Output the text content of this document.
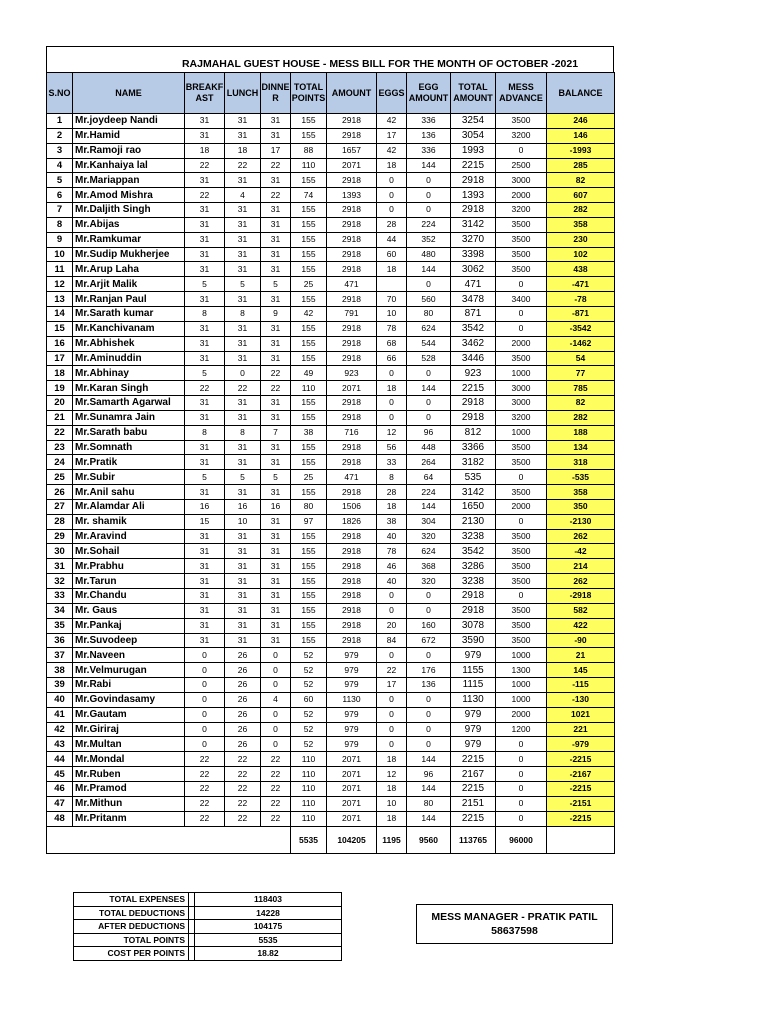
RAJMAHAL GUEST HOUSE - MESS BILL FOR THE MONTH OF OCTOBER -2021
S.NO	NAME	BREAKF AST	LUNCH	DINNE R	TOTAL POINTS	AMOUNT	EGGS	EGG AMOUNT	TOTAL AMOUNT	MESS ADVANCE	BALANCE
1	Mr.joydeep Nandi	31	31	31	155	2918	42	336	3254	3500	246
2	Mr.Hamid	31	31	31	155	2918	17	136	3054	3200	146
3	Mr.Ramoji rao	18	18	17	88	1657	42	336	1993	0	-1993
4	Mr.Kanhaiya lal	22	22	22	110	2071	18	144	2215	2500	285
5	Mr.Mariappan	31	31	31	155	2918	0	0	2918	3000	82
6	Mr.Amod Mishra	22	4	22	74	1393	0	0	1393	2000	607
7	Mr.Daljith Singh	31	31	31	155	2918	0	0	2918	3200	282
8	Mr.Abijas	31	31	31	155	2918	28	224	3142	3500	358
9	Mr.Ramkumar	31	31	31	155	2918	44	352	3270	3500	230
10	Mr.Sudip Mukherjee	31	31	31	155	2918	60	480	3398	3500	102
11	Mr.Arup Laha	31	31	31	155	2918	18	144	3062	3500	438
12	Mr.Arjit Malik	5	5	5	25	471		0	471	0	-471
13	Mr.Ranjan Paul	31	31	31	155	2918	70	560	3478	3400	-78
14	Mr.Sarath kumar	8	8	9	42	791	10	80	871	0	-871
15	Mr.Kanchivanam	31	31	31	155	2918	78	624	3542	0	-3542
16	Mr.Abhishek	31	31	31	155	2918	68	544	3462	2000	-1462
17	Mr.Aminuddin	31	31	31	155	2918	66	528	3446	3500	54
18	Mr.Abhinay	5	0	22	49	923	0	0	923	1000	77
19	Mr.Karan Singh	22	22	22	110	2071	18	144	2215	3000	785
20	Mr.Samarth Agarwal	31	31	31	155	2918	0	0	2918	3000	82
21	Mr.Sunamra Jain	31	31	31	155	2918	0	0	2918	3200	282
22	Mr.Sarath babu	8	8	7	38	716	12	96	812	1000	188
23	Mr.Somnath	31	31	31	155	2918	56	448	3366	3500	134
24	Mr.Pratik	31	31	31	155	2918	33	264	3182	3500	318
25	Mr.Subir	5	5	5	25	471	8	64	535	0	-535
26	Mr.Anil sahu	31	31	31	155	2918	28	224	3142	3500	358
27	Mr.Alamdar Ali	16	16	16	80	1506	18	144	1650	2000	350
28	Mr. shamik	15	10	31	97	1826	38	304	2130	0	-2130
29	Mr.Aravind	31	31	31	155	2918	40	320	3238	3500	262
30	Mr.Sohail	31	31	31	155	2918	78	624	3542	3500	-42
31	Mr.Prabhu	31	31	31	155	2918	46	368	3286	3500	214
32	Mr.Tarun	31	31	31	155	2918	40	320	3238	3500	262
33	Mr.Chandu	31	31	31	155	2918	0	0	2918	0	-2918
34	Mr. Gaus	31	31	31	155	2918	0	0	2918	3500	582
35	Mr.Pankaj	31	31	31	155	2918	20	160	3078	3500	422
36	Mr.Suvodeep	31	31	31	155	2918	84	672	3590	3500	-90
37	Mr.Naveen	0	26	0	52	979	0	0	979	1000	21
38	Mr.Velmurugan	0	26	0	52	979	22	176	1155	1300	145
39	Mr.Rabi	0	26	0	52	979	17	136	1115	1000	-115
40	Mr.Govindasamy	0	26	4	60	1130	0	0	1130	1000	-130
41	Mr.Gautam	0	26	0	52	979	0	0	979	2000	1021
42	Mr.Giriraj	0	26	0	52	979	0	0	979	1200	221
43	Mr.Multan	0	26	0	52	979	0	0	979	0	-979
44	Mr.Mondal	22	22	22	110	2071	18	144	2215	0	-2215
45	Mr.Ruben	22	22	22	110	2071	12	96	2167	0	-2167
46	Mr.Pramod	22	22	22	110	2071	18	144	2215	0	-2215
47	Mr.Mithun	22	22	22	110	2071	10	80	2151	0	-2151
48	Mr.Pritanm	22	22	22	110	2071	18	144	2215	0	-2215
					5535	104205	1195	9560	113765	96000	
TOTAL EXPENSES		118403
TOTAL DEDUCTIONS		14228
AFTER DEDUCTIONS		104175
TOTAL POINTS		5535
COST PER POINTS		18.82
MESS MANAGER - PRATIK PATIL
58637598
